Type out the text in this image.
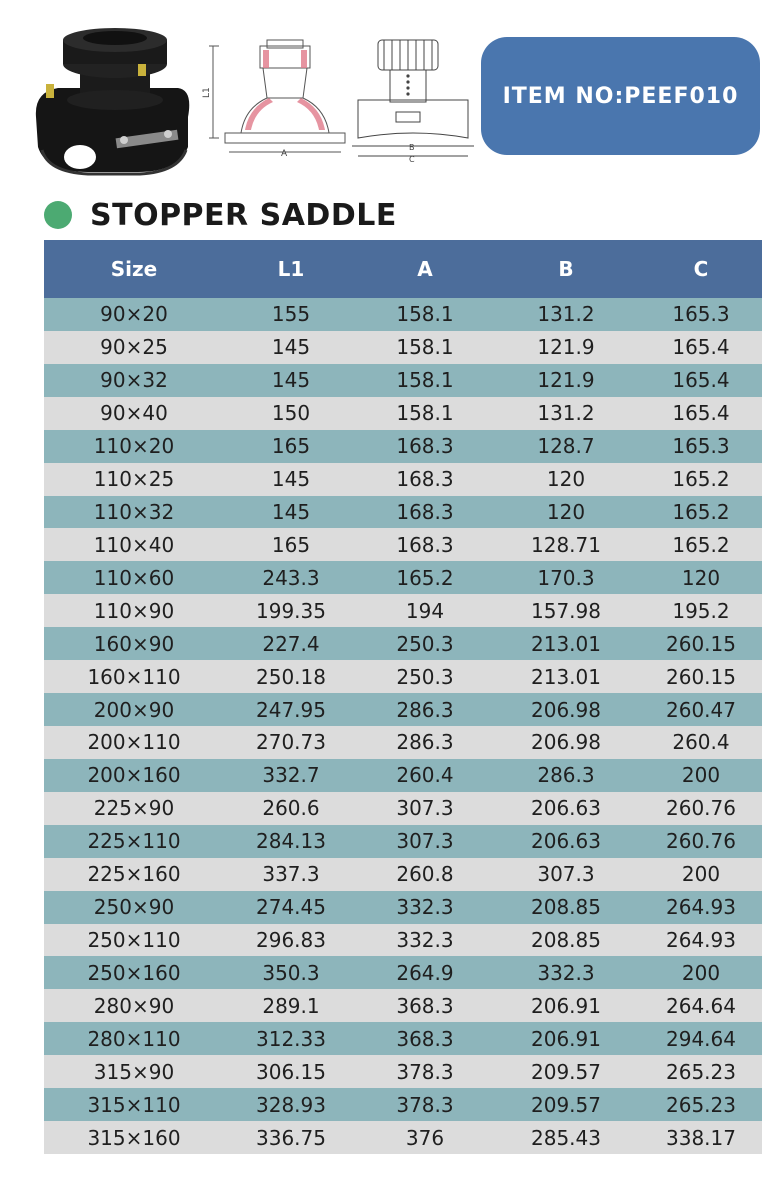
L1
A
B
C
ITEM NO:PEEF010
STOPPER SADDLE
Size	L1	A	B	C
90×20	155	158.1	131.2	165.3
90×25	145	158.1	121.9	165.4
90×32	145	158.1	121.9	165.4
90×40	150	158.1	131.2	165.4
110×20	165	168.3	128.7	165.3
110×25	145	168.3	120	165.2
110×32	145	168.3	120	165.2
110×40	165	168.3	128.71	165.2
110×60	243.3	165.2	170.3	120
110×90	199.35	194	157.98	195.2
160×90	227.4	250.3	213.01	260.15
160×110	250.18	250.3	213.01	260.15
200×90	247.95	286.3	206.98	260.47
200×110	270.73	286.3	206.98	260.4
200×160	332.7	260.4	286.3	200
225×90	260.6	307.3	206.63	260.76
225×110	284.13	307.3	206.63	260.76
225×160	337.3	260.8	307.3	200
250×90	274.45	332.3	208.85	264.93
250×110	296.83	332.3	208.85	264.93
250×160	350.3	264.9	332.3	200
280×90	289.1	368.3	206.91	264.64
280×110	312.33	368.3	206.91	294.64
315×90	306.15	378.3	209.57	265.23
315×110	328.93	378.3	209.57	265.23
315×160	336.75	376	285.43	338.17
